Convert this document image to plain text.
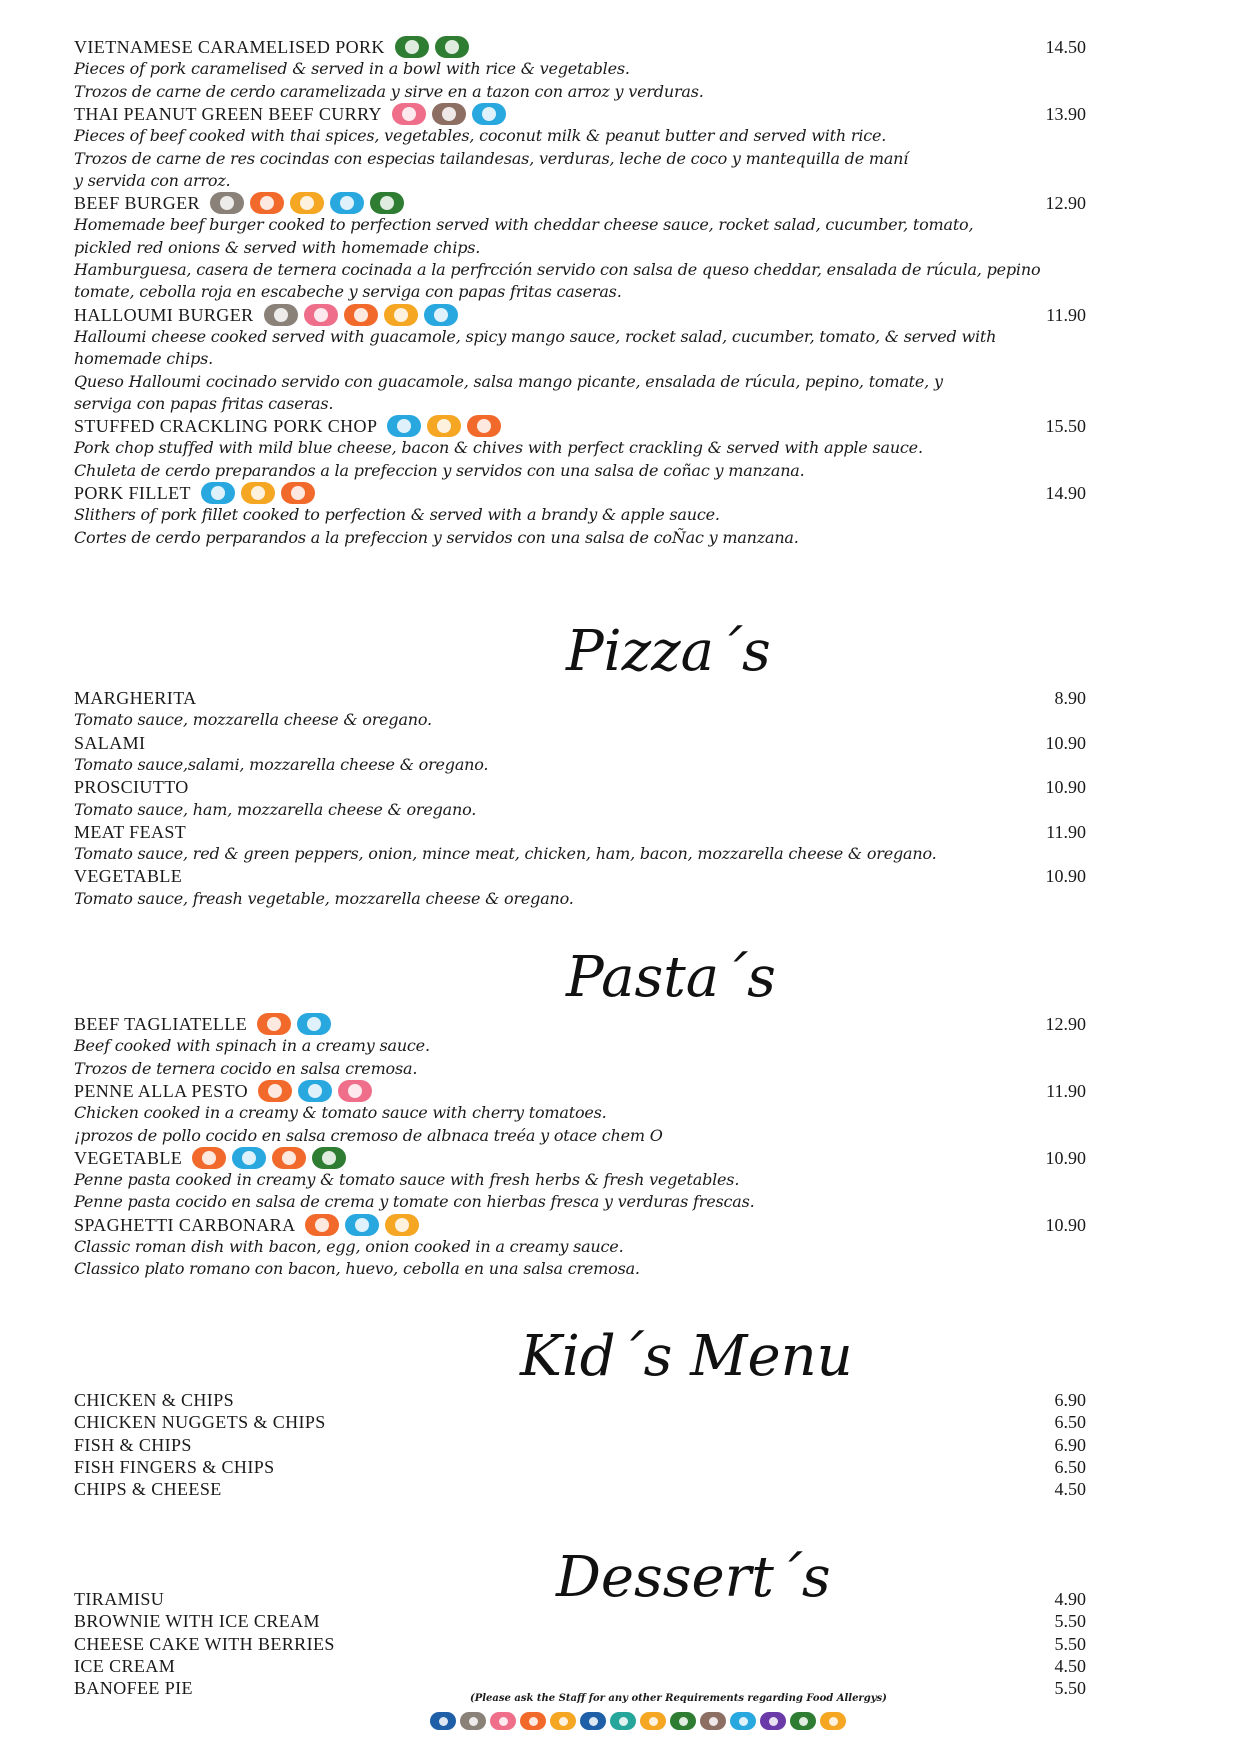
VIETNAMESE CARAMELISED PORK	14.50
Pieces of pork caramelised & served in a bowl with rice & vegetables.
Trozos de carne de cerdo caramelizada y sirve en a tazon con arroz y verduras.
THAI PEANUT GREEN BEEF CURRY	13.90
Pieces of beef cooked with thai spices, vegetables, coconut milk & peanut butter and served with rice.
Trozos de carne de res cocindas con especias tailandesas, verduras, leche de coco y mantequilla de maní
y servida con arroz.
BEEF BURGER	12.90
Homemade beef burger cooked to perfection served with cheddar cheese sauce, rocket salad, cucumber, tomato,
pickled red onions & served with homemade chips.
Hamburguesa, casera de ternera cocinada a la perfrcción servido con salsa de queso cheddar, ensalada de rúcula, pepino
tomate, cebolla roja en escabeche y serviga con papas fritas caseras.
HALLOUMI BURGER	11.90
Halloumi cheese cooked served with guacamole, spicy mango sauce, rocket salad, cucumber, tomato, & served with
homemade chips.
Queso Halloumi cocinado servido con guacamole, salsa mango picante, ensalada de rúcula, pepino, tomate, y
serviga con papas fritas caseras.
STUFFED CRACKLING PORK CHOP	15.50
Pork chop stuffed with mild blue cheese, bacon & chives with perfect crackling & served with apple sauce.
Chuleta de cerdo preparandos a la prefeccion y servidos con una salsa de coñac y manzana.
PORK FILLET	14.90
Slithers of pork fillet cooked to perfection & served with a brandy & apple sauce.
Cortes de cerdo perparandos a la prefeccion y servidos con una salsa de coÑac y manzana.
Pizza´s
MARGHERITA	8.90
Tomato sauce, mozzarella cheese & oregano.
SALAMI	10.90
Tomato sauce,salami, mozzarella cheese & oregano.
PROSCIUTTO	10.90
Tomato sauce, ham, mozzarella cheese & oregano.
MEAT FEAST	11.90
Tomato sauce, red & green peppers, onion, mince meat, chicken, ham, bacon, mozzarella cheese & oregano.
VEGETABLE	10.90
Tomato sauce, freash vegetable, mozzarella cheese & oregano.
Pasta´s
BEEF TAGLIATELLE	12.90
Beef cooked with spinach in a creamy sauce.
Trozos de ternera cocido en salsa cremosa.
PENNE ALLA PESTO	11.90
Chicken cooked in a creamy & tomato sauce with cherry tomatoes.
¡prozos de pollo cocido en salsa cremoso de albnaca treéa y otace chem O
VEGETABLE	10.90
Penne pasta cooked in creamy & tomato sauce with fresh herbs & fresh vegetables.
Penne pasta cocido en salsa de crema y tomate con hierbas fresca y verduras frescas.
SPAGHETTI CARBONARA	10.90
Classic roman dish with bacon, egg, onion cooked in a creamy sauce.
Classico plato romano con bacon, huevo, cebolla en una salsa cremosa.
Kid´s Menu
CHICKEN & CHIPS	6.90
CHICKEN NUGGETS & CHIPS	6.50
FISH & CHIPS	6.90
FISH FINGERS & CHIPS	6.50
CHIPS & CHEESE	4.50
Dessert´s
TIRAMISU	4.90
BROWNIE WITH ICE CREAM	5.50
CHEESE CAKE WITH BERRIES	5.50
ICE CREAM	4.50
BANOFEE PIE	5.50
(Please ask the Staff for any other Requirements regarding Food Allergys)
